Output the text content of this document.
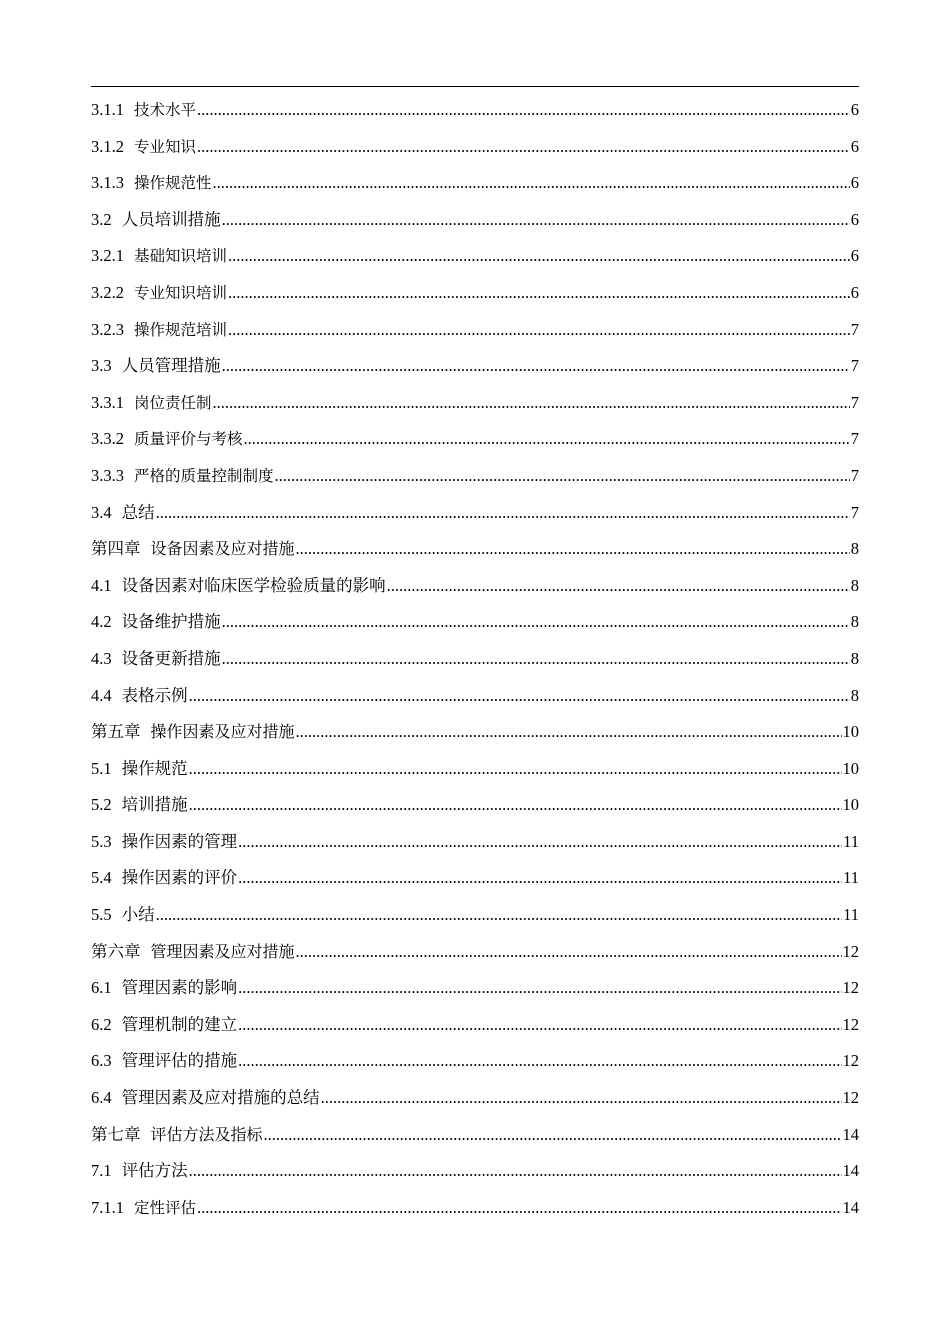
3.1.1 技术水平 .....	6
3.1.2 专业知识 .....	6
3.1.3 操作规范性 .....	6
3.2 人员培训措施 .....	6
3.2.1 基础知识培训 .....	6
3.2.2 专业知识培训 .....	6
3.2.3 操作规范培训 .....	7
3.3 人员管理措施 .....	7
3.3.1 岗位责任制 .....	7
3.3.2 质量评价与考核 .....	7
3.3.3 严格的质量控制制度 .....	7
3.4 总结 .....	7
第四章 设备因素及应对措施 .....	8
4.1 设备因素对临床医学检验质量的影响 .....	8
4.2 设备维护措施 .....	8
4.3 设备更新措施 .....	8
4.4 表格示例 .....	8
第五章 操作因素及应对措施 .....	10
5.1 操作规范 .....	10
5.2 培训措施 .....	10
5.3 操作因素的管理 .....	11
5.4 操作因素的评价 .....	11
5.5 小结 .....	11
第六章 管理因素及应对措施 .....	12
6.1 管理因素的影响 .....	12
6.2 管理机制的建立 .....	12
6.3 管理评估的措施 .....	12
6.4 管理因素及应对措施的总结 .....	12
第七章 评估方法及指标 .....	14
7.1 评估方法 .....	14
7.1.1 定性评估 .....	14
